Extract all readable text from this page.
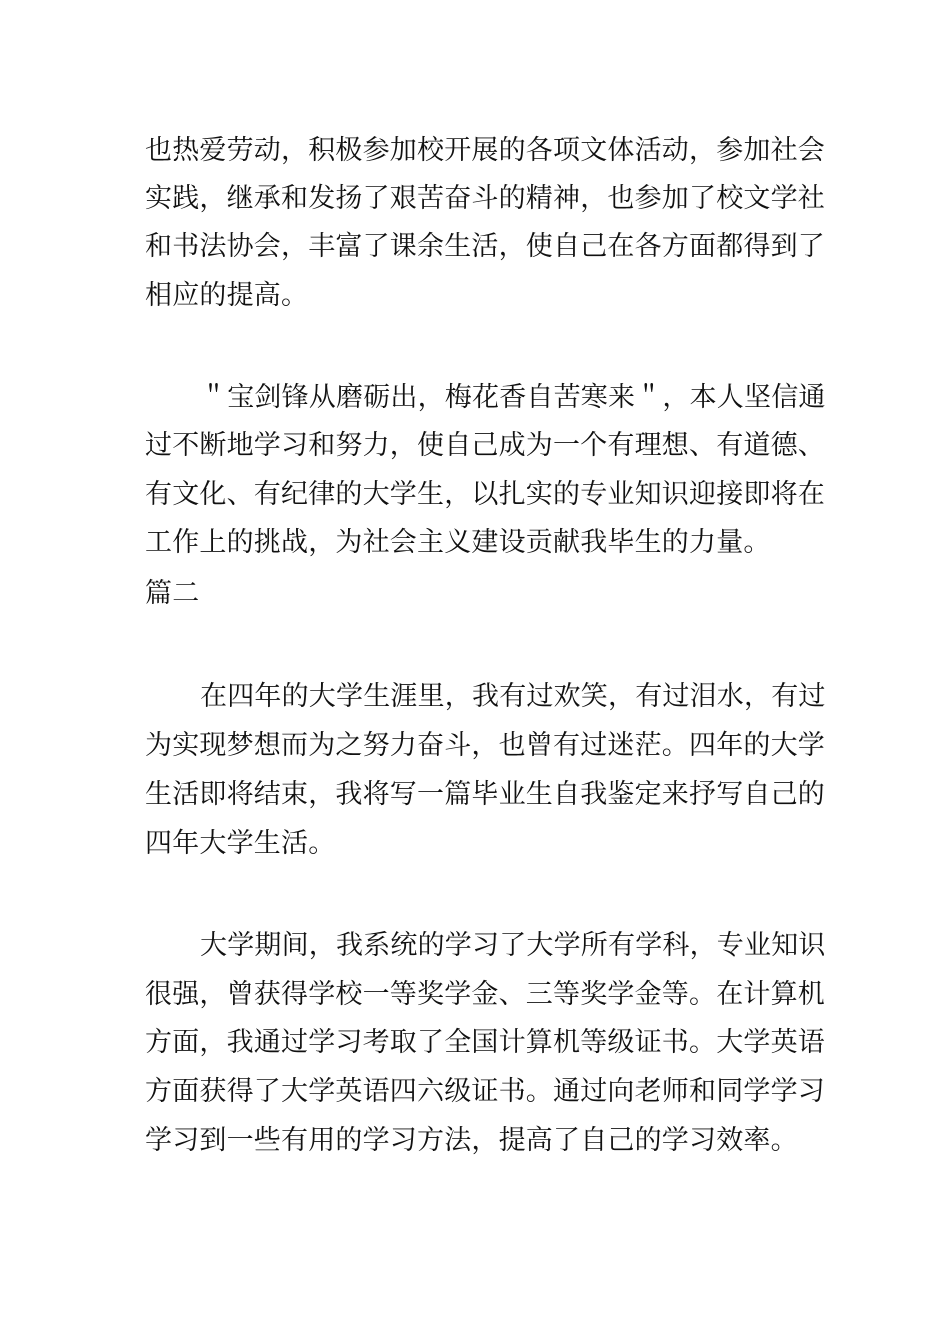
也热爱劳动，积极参加校开展的各项文体活动，参加社会
实践，继承和发扬了艰苦奋斗的精神，也参加了校文学社
和书法协会，丰富了课余生活，使自己在各方面都得到了
相应的提高。
＂宝剑锋从磨砺出，梅花香自苦寒来＂，本人坚信通
过不断地学习和努力，使自己成为一个有理想、有道德、
有文化、有纪律的大学生，以扎实的专业知识迎接即将在
工作上的挑战，为社会主义建设贡献我毕生的力量。
篇二
在四年的大学生涯里，我有过欢笑，有过泪水，有过
为实现梦想而为之努力奋斗，也曾有过迷茫。四年的大学
生活即将结束，我将写一篇毕业生自我鉴定来抒写自己的
四年大学生活。
大学期间，我系统的学习了大学所有学科，专业知识
很强，曾获得学校一等奖学金、三等奖学金等。在计算机
方面，我通过学习考取了全国计算机等级证书。大学英语
方面获得了大学英语四六级证书。通过向老师和同学学习
学习到一些有用的学习方法，提高了自己的学习效率。
